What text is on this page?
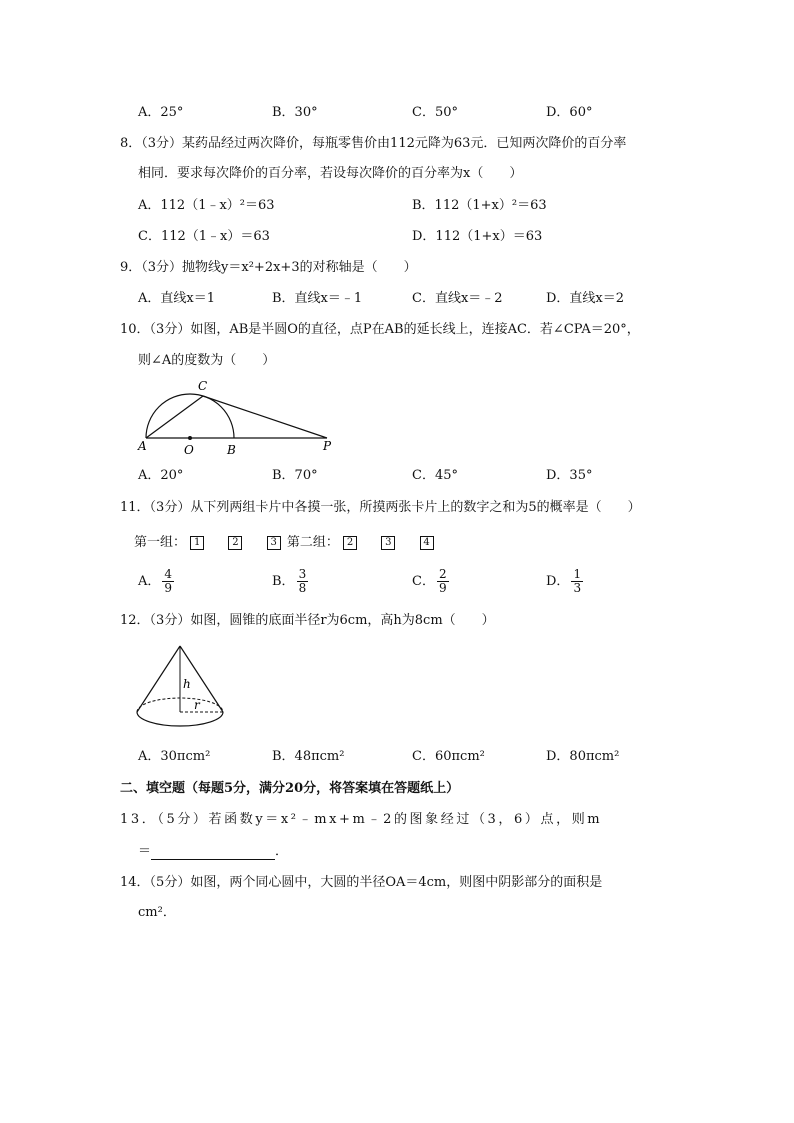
A．25°	B．30°	C．50°	D．60°
8．（3分）某药品经过两次降价，每瓶零售价由112元降为63元．已知两次降价的百分率
相同．要求每次降价的百分率，若设每次降价的百分率为x（　　）
A．112（1﹣x）²＝63	B．112（1+x）²＝63
C．112（1﹣x）＝63	D．112（1+x）＝63
9．（3分）抛物线y＝x²+2x+3的对称轴是（　　）
A．直线x＝1	B．直线x＝﹣1	C．直线x＝﹣2	D．直线x＝2
10．（3分）如图，AB是半圆O的直径，点P在AB的延长线上，连接AC．若∠CPA＝20°，
则∠A的度数为（　　）
C
A	O	B	P
A．20°	B．70°	C．45°	D．35°
11．（3分）从下列两组卡片中各摸一张，所摸两张卡片上的数字之和为5的概率是（　　）
第一组： 1	2	3 第二组： 2	3	4
A． $\frac{4}{9}$	B． $\frac{3}{8}$	C． $\frac{2}{9}$	D． $\frac{1}{3}$
12．（3分）如图，圆锥的底面半径r为6cm，高h为8cm（　　）
h
r
A．30πcm²	B．48πcm²	C．60πcm²	D．80πcm²
二、填空题（每题5分，满分20分，将答案填在答题纸上）
13．（5分）若函数y＝x²﹣mx+m﹣2的图象经过（3，6）点，则m
＝	．
14．（5分）如图，两个同心圆中，大圆的半径OA＝4cm，则图中阴影部分的面积是
cm²．
